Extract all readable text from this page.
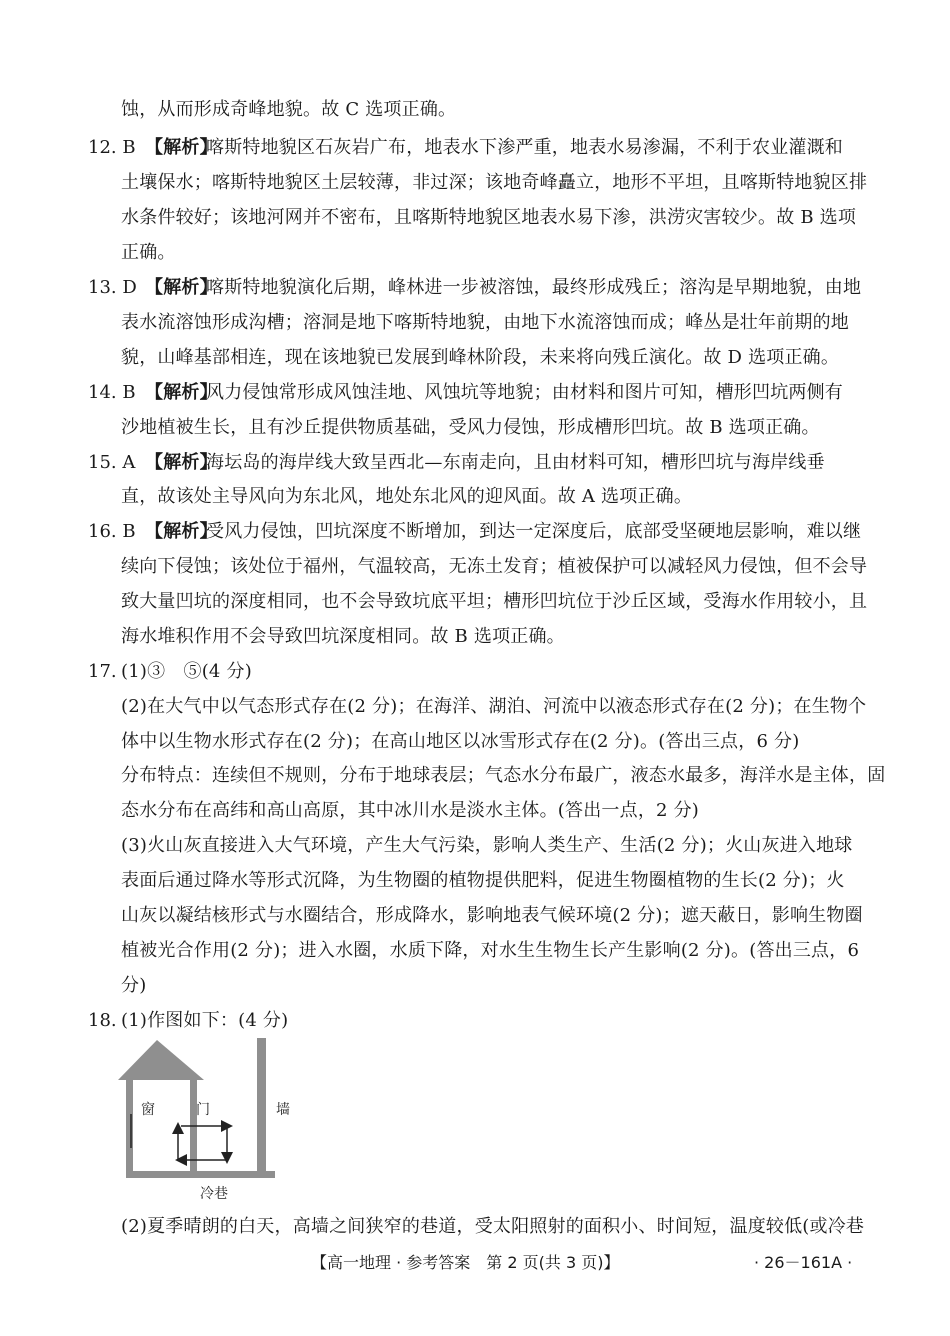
蚀，从而形成奇峰地貌。故 C 选项正确。
12. B 【解析】
喀斯特地貌区石灰岩广布，地表水下渗严重，地表水易渗漏，不利于农业灌溉和
土壤保水；喀斯特地貌区土层较薄，非过深；该地奇峰矗立，地形不平坦，且喀斯特地貌区排
水条件较好；该地河网并不密布，且喀斯特地貌区地表水易下渗，洪涝灾害较少。故 B 选项
正确。
13. D 【解析】
喀斯特地貌演化后期，峰林进一步被溶蚀，最终形成残丘；溶沟是早期地貌，由地
表水流溶蚀形成沟槽；溶洞是地下喀斯特地貌，由地下水流溶蚀而成；峰丛是壮年前期的地
貌，山峰基部相连，现在该地貌已发展到峰林阶段，未来将向残丘演化。故 D 选项正确。
14. B 【解析】
风力侵蚀常形成风蚀洼地、风蚀坑等地貌；由材料和图片可知，槽形凹坑两侧有
沙地植被生长，且有沙丘提供物质基础，受风力侵蚀，形成槽形凹坑。故 B 选项正确。
15. A 【解析】
海坛岛的海岸线大致呈西北—东南走向，且由材料可知，槽形凹坑与海岸线垂
直，故该处主导风向为东北风，地处东北风的迎风面。故 A 选项正确。
16. B 【解析】
受风力侵蚀，凹坑深度不断增加，到达一定深度后，底部受坚硬地层影响，难以继
续向下侵蚀；该处位于福州，气温较高，无冻土发育；植被保护可以减轻风力侵蚀，但不会导
致大量凹坑的深度相同，也不会导致坑底平坦；槽形凹坑位于沙丘区域，受海水作用较小，且
海水堆积作用不会导致凹坑深度相同。故 B 选项正确。
17. (1)③　⑤(4 分)
(2)在大气中以气态形式存在(2 分)；在海洋、湖泊、河流中以液态形式存在(2 分)；在生物个
体中以生物水形式存在(2 分)；在高山地区以冰雪形式存在(2 分)。(答出三点，6 分)
分布特点：连续但不规则，分布于地球表层；气态水分布最广，液态水最多，海洋水是主体，固
态水分布在高纬和高山高原，其中冰川水是淡水主体。(答出一点，2 分)
(3)火山灰直接进入大气环境，产生大气污染，影响人类生产、生活(2 分)；火山灰进入地球
表面后通过降水等形式沉降，为生物圈的植物提供肥料，促进生物圈植物的生长(2 分)；火
山灰以凝结核形式与水圈结合，形成降水，影响地表气候环境(2 分)；遮天蔽日，影响生物圈
植被光合作用(2 分)；进入水圈，水质下降，对水生生物生长产生影响(2 分)。(答出三点，6
分)
18. (1)作图如下：(4 分)
窗	门	墙
冷巷
(2)夏季晴朗的白天，高墙之间狭窄的巷道，受太阳照射的面积小、时间短，温度较低(或冷巷
【高一地理 · 参考答案　第 2 页(共 3 页)】	· 26－161A ·
